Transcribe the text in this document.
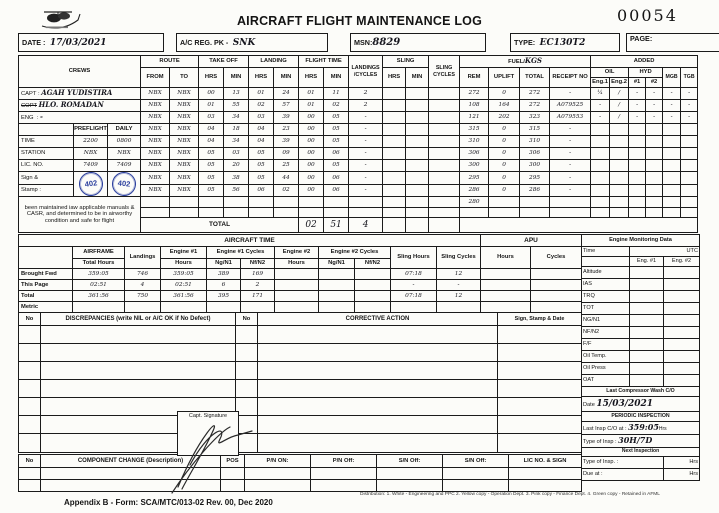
AIRCRAFT FLIGHT MAINTENANCE LOG	00054
DATE :
17/03/2021	A/C REG. PK -
SNK	MSN: 8829	TYPE:
EC130T2	PAGE:
CREWS			ROUTE		TAKE OFF		LANDING		FLIGHT TIME		LANDINGS /CYCLES	SLING		SLING CYCLES	FUEL/KGS				ADDED					
			FROM	TO	HRS	MIN	HRS	MIN	HRS	MIN		HRS	MIN		REM	UPLIFT	TOTAL	RECEIPT NO	OIL		HYD		MGB	TGB
																			Eng.1	Eng.2	#1	#2		
CAPT : AGAH YUDISTIRA			NBX	NBX	00	13	01	24	01	11	2				272	0	272	-	¼	/	-	-	-	-
COPT HLO. ROMADAN			NBX	NBX	01	55	02	57	01	02	2				108	164	272	A079525	-	/	-	-	-	-
ENG  : -			NBX	NBX	03	34	03	39	00	05	-				121	202	323	A079553	-	/	-	-	-	-
	PREFLIGHT	DAILY	NBX	NBX	04	18	04	23	00	05	-				315	0	315	-						
TIME	2200	0800	NBX	NBX	04	34	04	39	00	05	-				310	0	310	-						
STATION	NBX	NBX	NBX	NBX	05	03	05	09	00	06	-				306	0	306	-						
LIC. NO.	7409	7409	NBX	NBX	05	20	05	25	00	05	-				300	0	300	-						
Sign &	402	402	NBX	NBX	05	38	05	44	00	06	-				295	0	295	-						
Stamp :			NBX	NBX	05	56	06	02	00	06	-				286	0	286	-						
been maintained iaw applicable manuals & CASR, and determined to be in airworthy condition and safe for flight															280									

			TOTAL						02	51	4													
AIRCRAFT TIME											APU	
	AIRFRAME	Landings	Engine #1	Engine #1 Cycles		Engine #2	Engine #2 Cycles		Sling Hours	Sling Cycles	Hours	Cycles
	Total Hours		Hours	Ng/N1	Nf/N2	Hours	Ng/N1	Nf/N2				
Brought Fwd	359:05	746	359:05	389	169				07:18	12		
This Page	02:51	4	02:51	6	2				-	-		
Total	361:56	750	361:56	395	171				07:18	12		
Metric												
Engine Monitoring Data		
Time	UTC	
	Eng. #1	Eng. #2
Altitude		
IAS		
TRQ		
TOT		
NG/N1		
NF/N2		
F/F		
Oil Temp.		
Oil Press		
OAT		
Last Compressor Wash C/O		
Date 15/03/2021		
PERIODIC INSPECTION		
Last Insp C/O at : 359:05Hrs		
Type of Insp : 30H/7D		
Next Inspection		
Type of Insp. :		Hrs
Due at :		Hrs
No	DISCREPANCIES (write NIL or A/C OK if No Defect)	No	CORRECTIVE ACTION	Sign, Stamp & Date

Capt. Signature
No	COMPONENT CHANGE (Description)	POS	P/N ON:	P/N Off:	S/N Off:	S/N Off:	LIC NO. & SIGN

Distribution: 1. White - Engineering and PPC 2. Yellow copy - Operation Dept. 3. Pink copy - Finance Dept. 4. Green copy - Retained in AFML
Appendix B - Form: SCA/MTC/013-02 Rev. 00, Dec 2020
